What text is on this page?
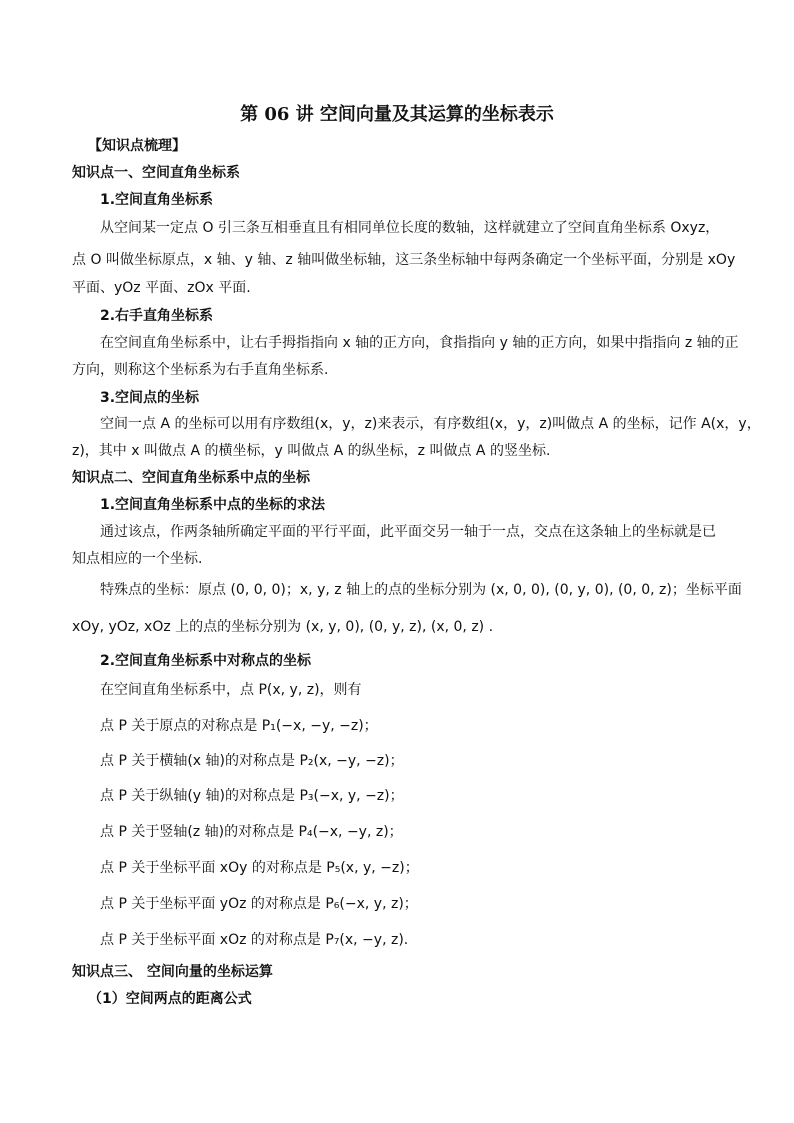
第 06 讲 空间向量及其运算的坐标表示
【知识点梳理】
知识点一、空间直角坐标系
1.空间直角坐标系
从空间某一定点 O 引三条互相垂直且有相同单位长度的数轴，这样就建立了空间直角坐标系 Oxyz，
点 O 叫做坐标原点，x 轴、y 轴、z 轴叫做坐标轴，这三条坐标轴中每两条确定一个坐标平面，分别是 xOy
平面、yOz 平面、zOx 平面.
2.右手直角坐标系
在空间直角坐标系中，让右手拇指指向 x 轴的正方向，食指指向 y 轴的正方向，如果中指指向 z 轴的正
方向，则称这个坐标系为右手直角坐标系.
3.空间点的坐标
空间一点 A 的坐标可以用有序数组(x，y，z)来表示，有序数组(x，y，z)叫做点 A 的坐标，记作 A(x，y，
z)，其中 x 叫做点 A 的横坐标，y 叫做点 A 的纵坐标，z 叫做点 A 的竖坐标.
知识点二、空间直角坐标系中点的坐标
1.空间直角坐标系中点的坐标的求法
通过该点，作两条轴所确定平面的平行平面，此平面交另一轴于一点，交点在这条轴上的坐标就是已
知点相应的一个坐标.
特殊点的坐标：原点 (0, 0, 0)；x, y, z 轴上的点的坐标分别为 (x, 0, 0), (0, y, 0), (0, 0, z)；坐标平面
xOy, yOz, xOz 上的点的坐标分别为 (x, y, 0), (0, y, z), (x, 0, z) .
2.空间直角坐标系中对称点的坐标
在空间直角坐标系中，点 P(x, y, z)，则有
点 P 关于原点的对称点是 P₁(−x, −y, −z)；
点 P 关于横轴(x 轴)的对称点是 P₂(x, −y, −z)；
点 P 关于纵轴(y 轴)的对称点是 P₃(−x, y, −z)；
点 P 关于竖轴(z 轴)的对称点是 P₄(−x, −y, z)；
点 P 关于坐标平面 xOy 的对称点是 P₅(x, y, −z)；
点 P 关于坐标平面 yOz 的对称点是 P₆(−x, y, z)；
点 P 关于坐标平面 xOz 的对称点是 P₇(x, −y, z).
知识点三、 空间向量的坐标运算
（1）空间两点的距离公式
